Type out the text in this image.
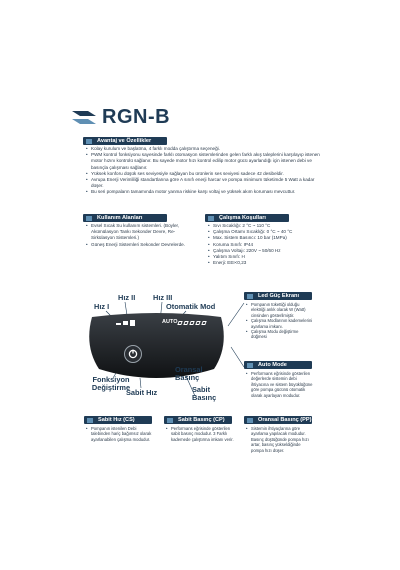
RGN-B
Avantaj ve Özellikler
• Kolay kurulum ve başlatma, 4 farklı modda çalıştırma seçeneği.
• PWM kontrol fonksiyonu sayesinde farklı otomasyon sistemlerinden gelen farklı akış taleplerini karşılayıp istenen motor hızını kontrolü sağlanır. Bu sayede motor hızı kontrol edilip motor gücü ayarlandığı için istenen debi ve basınçla çalışması sağlanır.
• Yüksek konforu düşük ses seviyesiyle sağlayan bu ürünlerin ses seviyesi sadece 42 desibeldir.
• Avrupa Enerji Verimliliği standartlarına göre A sınıfı enerji harcar ve pompa minimum tüketimde 5 Watt a kadar düşer.
• Bu seri pompaların tamamında motor yanma riskine karşı voltaj ve yüksek akım koruması mevcuttur.
Kullanım Alanları
• Evsel Sıcak Su kullanım sistemleri. (Boyler, Akümülasyon Tankı Sekonder Devre, Re-Sirkülasyon Sistemleri.)
• Güneş Enerji Sistemleri Sekonder Devrelerde.
Çalışma Koşulları
• Sıvı Sıcaklığı: 2 °C ~ 110 °C
• Çalışma Ortamı Sıcaklığı: 0 °C ~ 40 °C
• Max. Sistem Basıncı: 10 bar (1MPa)
• Koruma Sınıfı: IP44
• Çalışma Voltajı: 220V ~ 50/60 Hz
• Yalıtım Sınıfı: H
• Enerji: EEI<0,23
Hız II
Hız I
Hız III
Otomatik Mod
AUTO
Fonksiyon Değiştirme
Sabit Hız
Oransal Basınç
Sabit Basınç
Led Güç Ekranı
• Pompanın tükettiği olduğu elektriği anlık olarak W (Watt) cinsinden gösterilmiştir.
• Çalışma Modlarının kademelerini ayarlama imkanı.
• Çalışma Modu değiştirme düğmesi
Auto Mode
• Performans eğrisinde gösterilen değerlerde sistemin debi ihtiyacına ve sistem büyüklüğüne göre pompa gücünü otomatik olarak ayarlayan modudur.
Sabit Hız (CS)
• Pompanın istenilen Debi talebinden hariç bağımsız olarak ayarlanabilen çalışma modudur.
Sabit Basınç (CP)
• Performans eğrisinde gösterilen sabit basınç modudur. 3 Farklı kademede çalıştırma imkanı verir.
Oransal Basınç (PP)
• Sistemin ihtiyaçlarına göre ayarlama yapılacak modudur. Basınç düştüğünde pompa hızı artar, basınç yükseldiğinde pompa hızı düşer.
